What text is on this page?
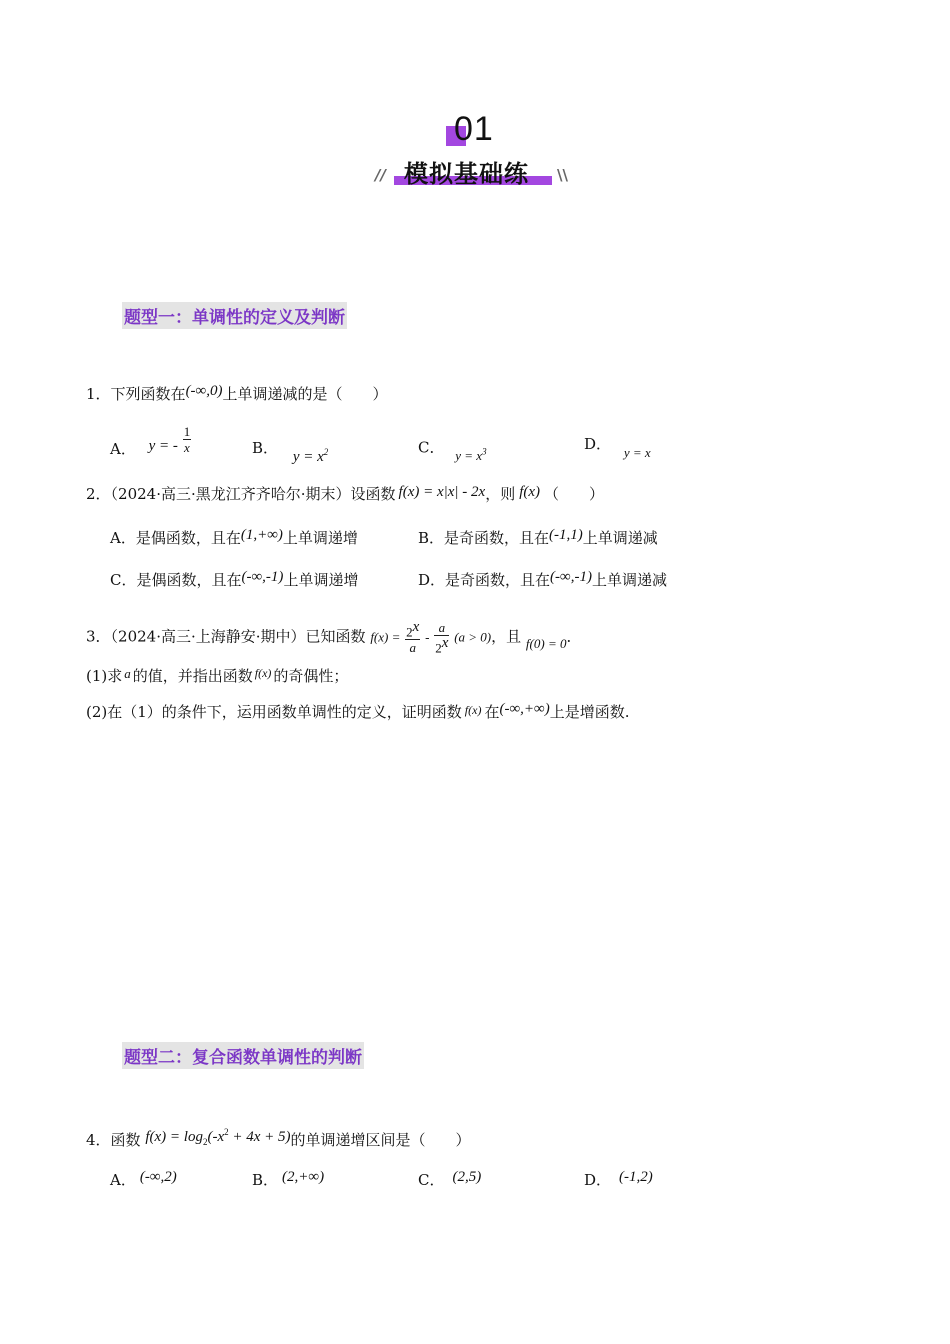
01
模拟基础练
//	\\
题型一：单调性的定义及判断
1．下列函数在(-∞,0)上单调递减的是（　　）
A． y = - $\frac{1}{x}$	B． $y = x^2$	C． $y = x^3$	D． y = x
2．（2024·高三·黑龙江齐齐哈尔·期末）设函数 f(x) = x|x| - 2x，则 f(x) （　　）
A．是偶函数，且在(1,+∞)上单调递增	B．是奇函数，且在(-1,1)上单调递减
C．是偶函数，且在(-∞,-1)上单调递增	D．是奇函数，且在(-∞,-1)上单调递减
3．（2024·高三·上海静安·期中）已知函数 $f(x) = \frac{2^x}{a} - \frac{a}{2^x} (a > 0)$，且 f(0) = 0．
(1)求 a 的值，并指出函数 $^{f(x)}$ 的奇偶性；
(2)在（1）的条件下，运用函数单调性的定义，证明函数 $^{f(x)}$ 在(-∞,+∞)上是增函数.
题型二：复合函数单调性的判断
4．函数 $f(x) = \log_2(-x^2 + 4x + 5)$的单调递增区间是（　　）
A． (-∞,2)	B． (2,+∞)	C． (2,5)	D． (-1,2)
